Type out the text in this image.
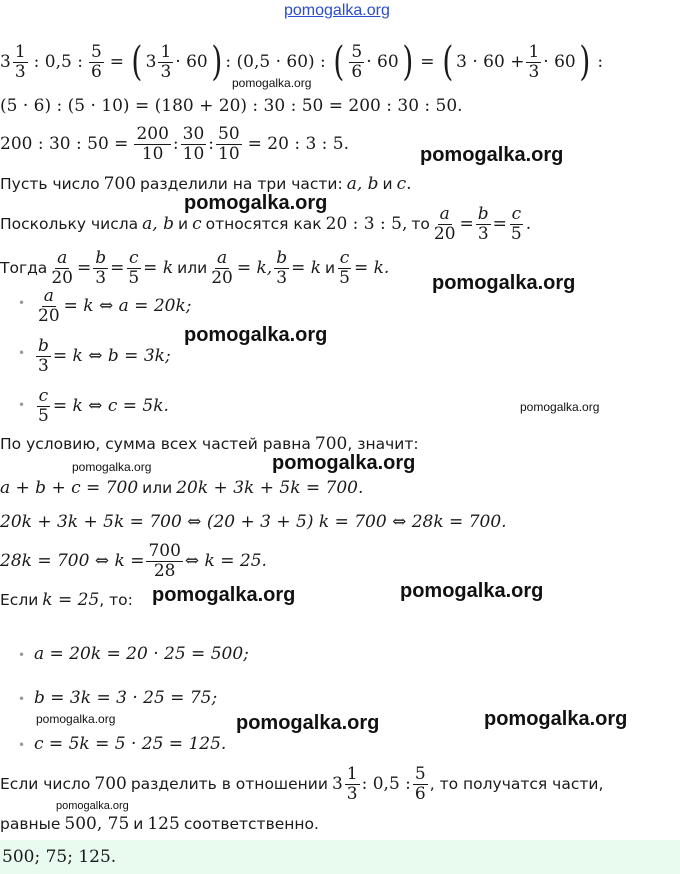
pomogalka.org
$3 \frac{1}{3}$ : 0,5 : $\frac{5}{6}$ = ( $3 \frac{1}{3} \cdot 60$ ) : (0,5 · 60) : ( $\frac{5}{6} \cdot 60$ ) = ( $3 \cdot 60 + \frac{1}{3} \cdot 60$ ) :
(5 · 6) : (5 · 10) = (180 + 20) : 30 : 50 = 200 : 30 : 50.
200 : 30 : $50 = \frac{200}{10}$ : $\frac{30}{10}$ : $\frac{50}{10} = 20$ : 3 : 5.
Пусть число 700 разделили на три части: a, b и c.
Поскольку числа a, b и c относятся как 20 : 3 : 5, то $\frac{a}{20} = \frac{b}{3} = \frac{c}{5}$ .
Тогда $\frac{a}{20} = \frac{b}{3} = \frac{c}{5} = k$ или $\frac{a}{20} = k$, $\frac{b}{3} = k$ и $\frac{c}{5} = k$.
• $\frac{a}{20} = k$ ⇔ a = 20k;
• $\frac{b}{3} = k$ ⇔ b = 3k;
• $\frac{c}{5} = k$ ⇔ c = 5k.
По условию, сумма всех частей равна 700 , значит:
a + b + c = 700 или 20k + 3k + 5k = 700.
20k + 3k + 5k = 700 ⇔ (20 + 3 + 5) k = 700 ⇔ 28k = 700.
28k = 700 ⇔ $k = \frac{700}{28}$ ⇔ k = 25.
Если k = 25 , то:
• a = 20k = 20 · 25 = 500;
• b = 3k = 3 · 25 = 75;
• c = 5k = 5 · 25 = 125.
Если число 700 разделить в отношении $3 \frac{1}{3}$ : 0,5 : $\frac{5}{6}$ , то получатся части,
равные 500, 75 и 125 соответственно.
500; 75; 125.
pomogalka.org
pomogalka.org
pomogalka.org
pomogalka.org
pomogalka.org
pomogalka.org
pomogalka.org	pomogalka.org
pomogalka.org	pomogalka.org
pomogalka.org	pomogalka.org	pomogalka.org
pomogalka.org
